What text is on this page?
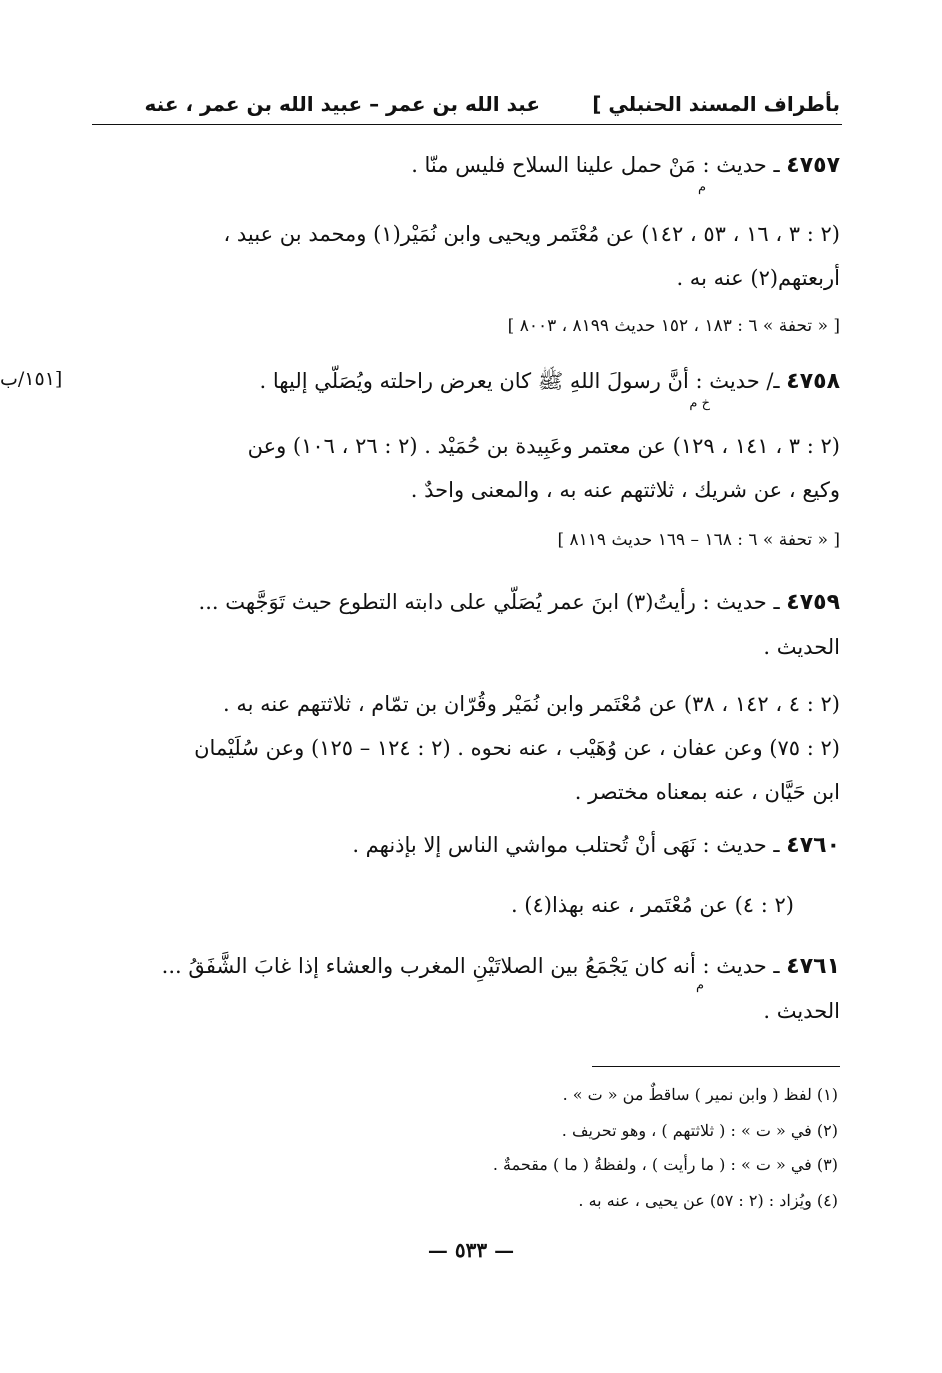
بأطراف المسند الحنبلي ]
عبد الله بن عمر – عبيد الله بن عمر ، عنه
٤٧٥٧ ـ حديث : مَنْ حمل علينا السلاح فليس منّا .
م
(٢ : ٣ ، ١٦ ، ٥٣ ، ١٤٢) عن مُعْتَمر ويحيى وابن نُمَيْر(١) ومحمد بن عبيد ،
أربعتهم(٢) عنه به .
[ « تحفة » ٦ : ١٨٣ ، ١٥٢ حديث ٨١٩٩ ، ٨٠٠٣ ]
[١٥١/ب	٤٧٥٨ ـ/ حديث : أنَّ رسولَ اللهِ ﷺ كان يعرض راحلته ويُصَلّي إليها .
خ م
(٢ : ٣ ، ١٤١ ، ١٢٩) عن معتمر وعَبِيدة بن حُمَيْد . (٢ : ٢٦ ، ١٠٦) وعن
وكيع ، عن شريك ، ثلاثتهم عنه به ، والمعنى واحدٌ .
[ « تحفة » ٦ : ١٦٨ – ١٦٩ حديث ٨١١٩ ]
٤٧٥٩ ـ حديث : رأيتُ(٣) ابنَ عمر يُصَلّي على دابته التطوع حيث تَوَجَّهت ...
الحديث .
(٢ : ٤ ، ١٤٢ ، ٣٨) عن مُعْتَمر وابن نُمَيْر وقُرّان بن تمّام ، ثلاثتهم عنه به .
(٢ : ٧٥) وعن عفان ، عن وُهَيْب ، عنه نحوه . (٢ : ١٢٤ – ١٢٥) وعن سُلَيْمان
ابن حَيَّان ، عنه بمعناه مختصر .
٤٧٦٠ ـ حديث : نَهَى أنْ تُحتلب مواشي الناس إلا بإذنهم .
(٢ : ٤) عن مُعْتَمر ، عنه بهذا(٤) .
٤٧٦١ ـ حديث : أنه كان يَجْمَعُ بين الصلاتَيْنِ المغرب والعشاء إذا غابَ الشَّفَقُ ...
الحديث .
م
(١) لفظ ( وابن نمير ) ساقطٌ من « ت » .
(٢) في « ت » : ( ثلاثتهم ) ، وهو تحريف .
(٣) في « ت » : ( ما رأيت ) ، ولفظةُ ( ما ) مقحمةٌ .
(٤) ويُزاد : (٢ : ٥٧) عن يحيى ، عنه به .
— ٥٣٣ —
